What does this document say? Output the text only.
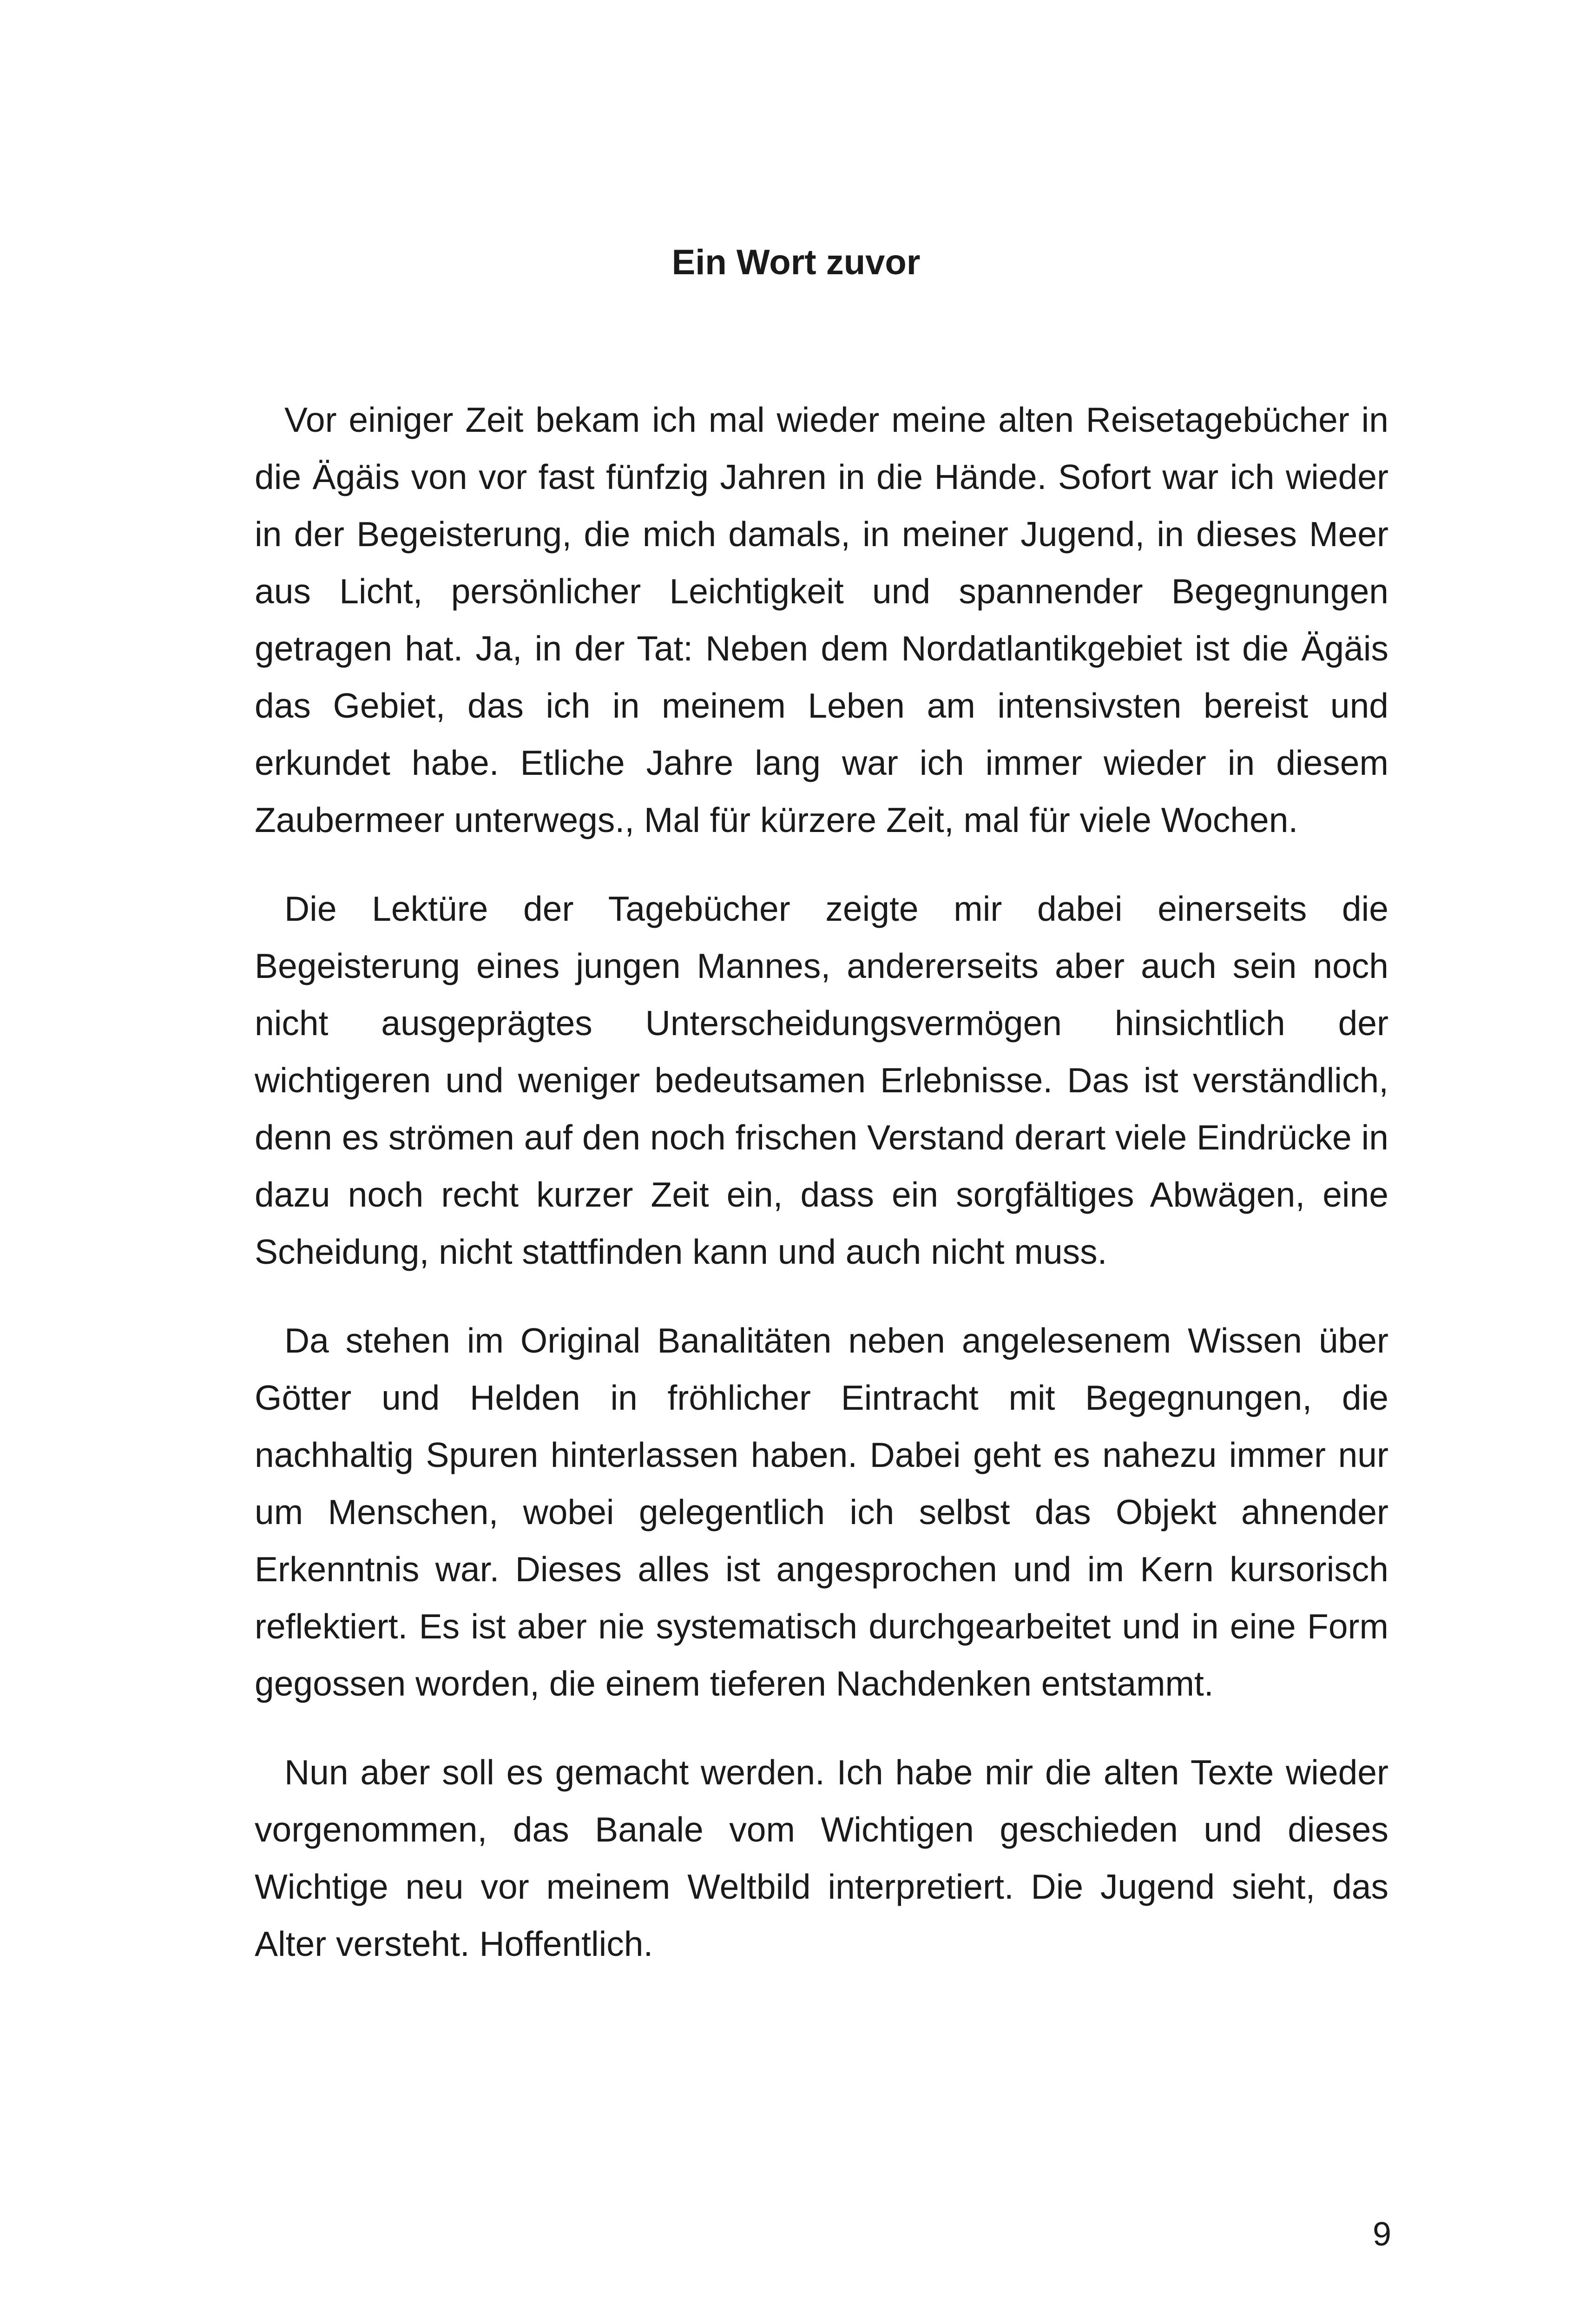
Ein Wort zuvor

Vor einiger Zeit bekam ich mal wieder meine alten Reisetagebücher in die Ägäis von vor fast fünfzig Jahren in die Hände. Sofort war ich wieder in der Begeisterung, die mich damals, in meiner Jugend, in dieses Meer aus Licht, persönlicher Leichtigkeit und spannender Begegnungen getragen hat. Ja, in der Tat: Neben dem Nordatlantikgebiet ist die Ägäis das Gebiet, das ich in meinem Leben am intensivsten bereist und erkundet habe. Etliche Jahre lang war ich immer wieder in diesem Zaubermeer unterwegs., Mal für kürzere Zeit, mal für viele Wochen.

Die Lektüre der Tagebücher zeigte mir dabei einerseits die Begeisterung eines jungen Mannes, andererseits aber auch sein noch nicht ausgeprägtes Unterscheidungsvermögen hinsichtlich der wichtigeren und weniger bedeutsamen Erlebnisse. Das ist verständlich, denn es strömen auf den noch frischen Verstand derart viele Eindrücke in dazu noch recht kurzer Zeit ein, dass ein sorgfältiges Abwägen, eine Scheidung, nicht stattfinden kann und auch nicht muss.

Da stehen im Original Banalitäten neben angelesenem Wissen über Götter und Helden in fröhlicher Eintracht mit Begegnungen, die nachhaltig Spuren hinterlassen haben. Dabei geht es nahezu immer nur um Menschen, wobei gelegentlich ich selbst das Objekt ahnender Erkenntnis war. Dieses alles ist angesprochen und im Kern kursorisch reflektiert. Es ist aber nie systematisch durchgearbeitet und in eine Form gegossen worden, die einem tieferen Nachdenken entstammt.

Nun aber soll es gemacht werden. Ich habe mir die alten Texte wieder vorgenommen, das Banale vom Wichtigen geschieden und dieses Wichtige neu vor meinem Weltbild interpretiert. Die Jugend sieht, das Alter versteht. Hoffentlich.

9
